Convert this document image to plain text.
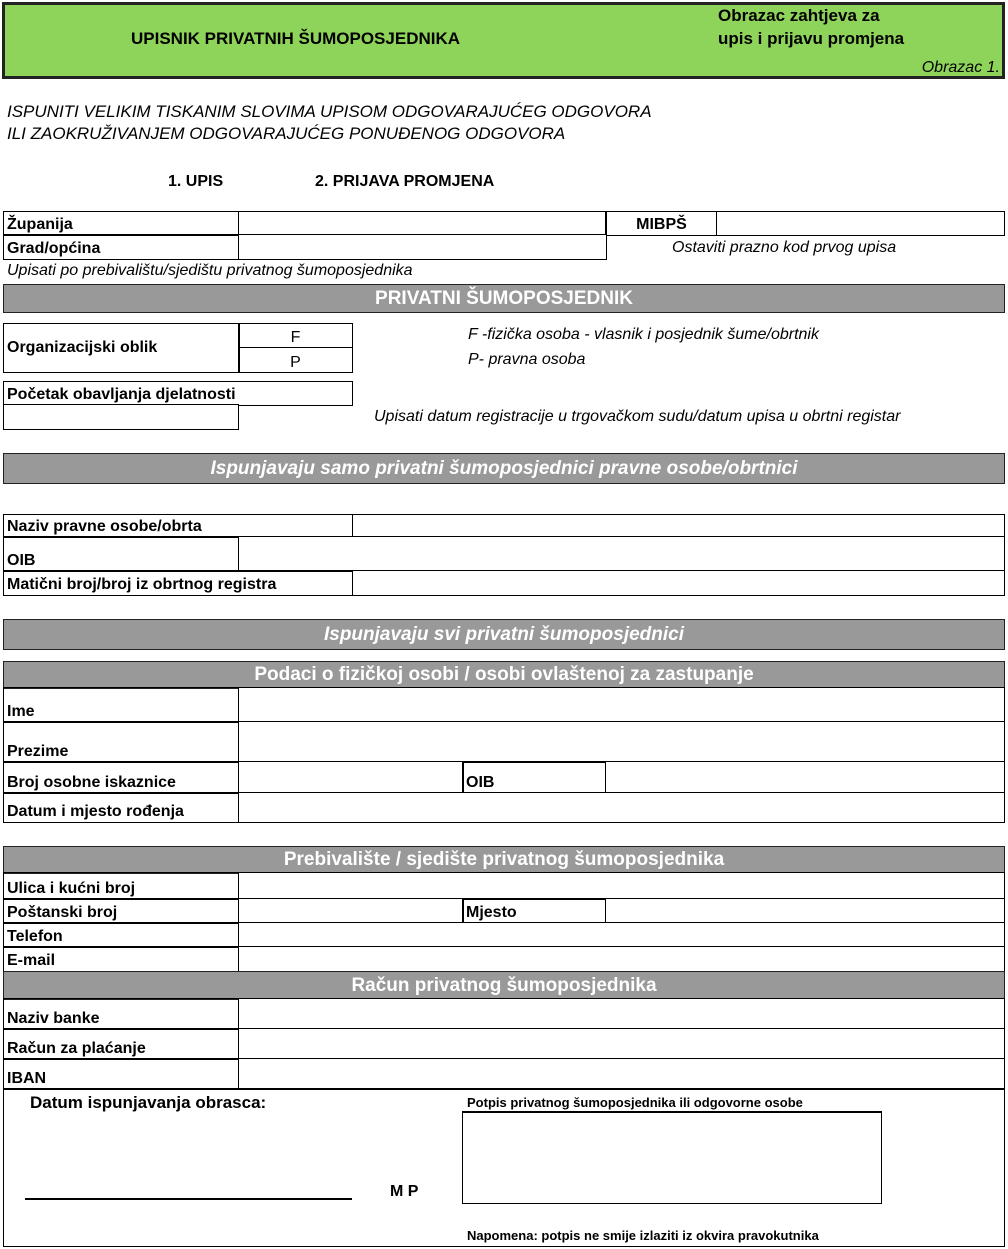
UPISNIK PRIVATNIH ŠUMOPOSJEDNIKA
Obrazac zahtjeva za
upis i prijavu promjena
Obrazac 1.
ISPUNITI VELIKIM TISKANIM SLOVIMA UPISOM ODGOVARAJUĆEG ODGOVORA
ILI ZAOKRUŽIVANJEM ODGOVARAJUĆEG PONUĐENOG ODGOVORA
1. UPIS	2. PRIJAVA PROMJENA
Županija	MIBPŠ
Grad/općina	Ostaviti prazno kod prvog upisa
Upisati po prebivalištu/sjedištu privatnog šumoposjednika
PRIVATNI ŠUMOPOSJEDNIK
Organizacijski oblik
F
P
F -fizička osoba - vlasnik i posjednik šume/obrtnik
P- pravna osoba
Početak obavljanja djelatnosti
Upisati datum registracije u trgovačkom sudu/datum upisa u obrtni registar
Ispunjavaju samo privatni šumoposjednici pravne osobe/obrtnici
Naziv pravne osobe/obrta
OIB
Matični broj/broj iz obrtnog registra
Ispunjavaju svi privatni šumoposjednici
Podaci o fizičkoj osobi / osobi ovlaštenoj za zastupanje
Ime
Prezime
Broj osobne iskaznice	OIB
Datum i mjesto rođenja
Prebivalište / sjedište privatnog šumoposjednika
Ulica i kućni broj
Poštanski broj	Mjesto
Telefon
E-mail
Račun privatnog šumoposjednika
Naziv banke
Račun za plaćanje
IBAN
Datum ispunjavanja obrasca:
M P
Potpis privatnog šumoposjednika ili odgovorne osobe
Napomena: potpis ne smije izlaziti iz okvira pravokutnika
